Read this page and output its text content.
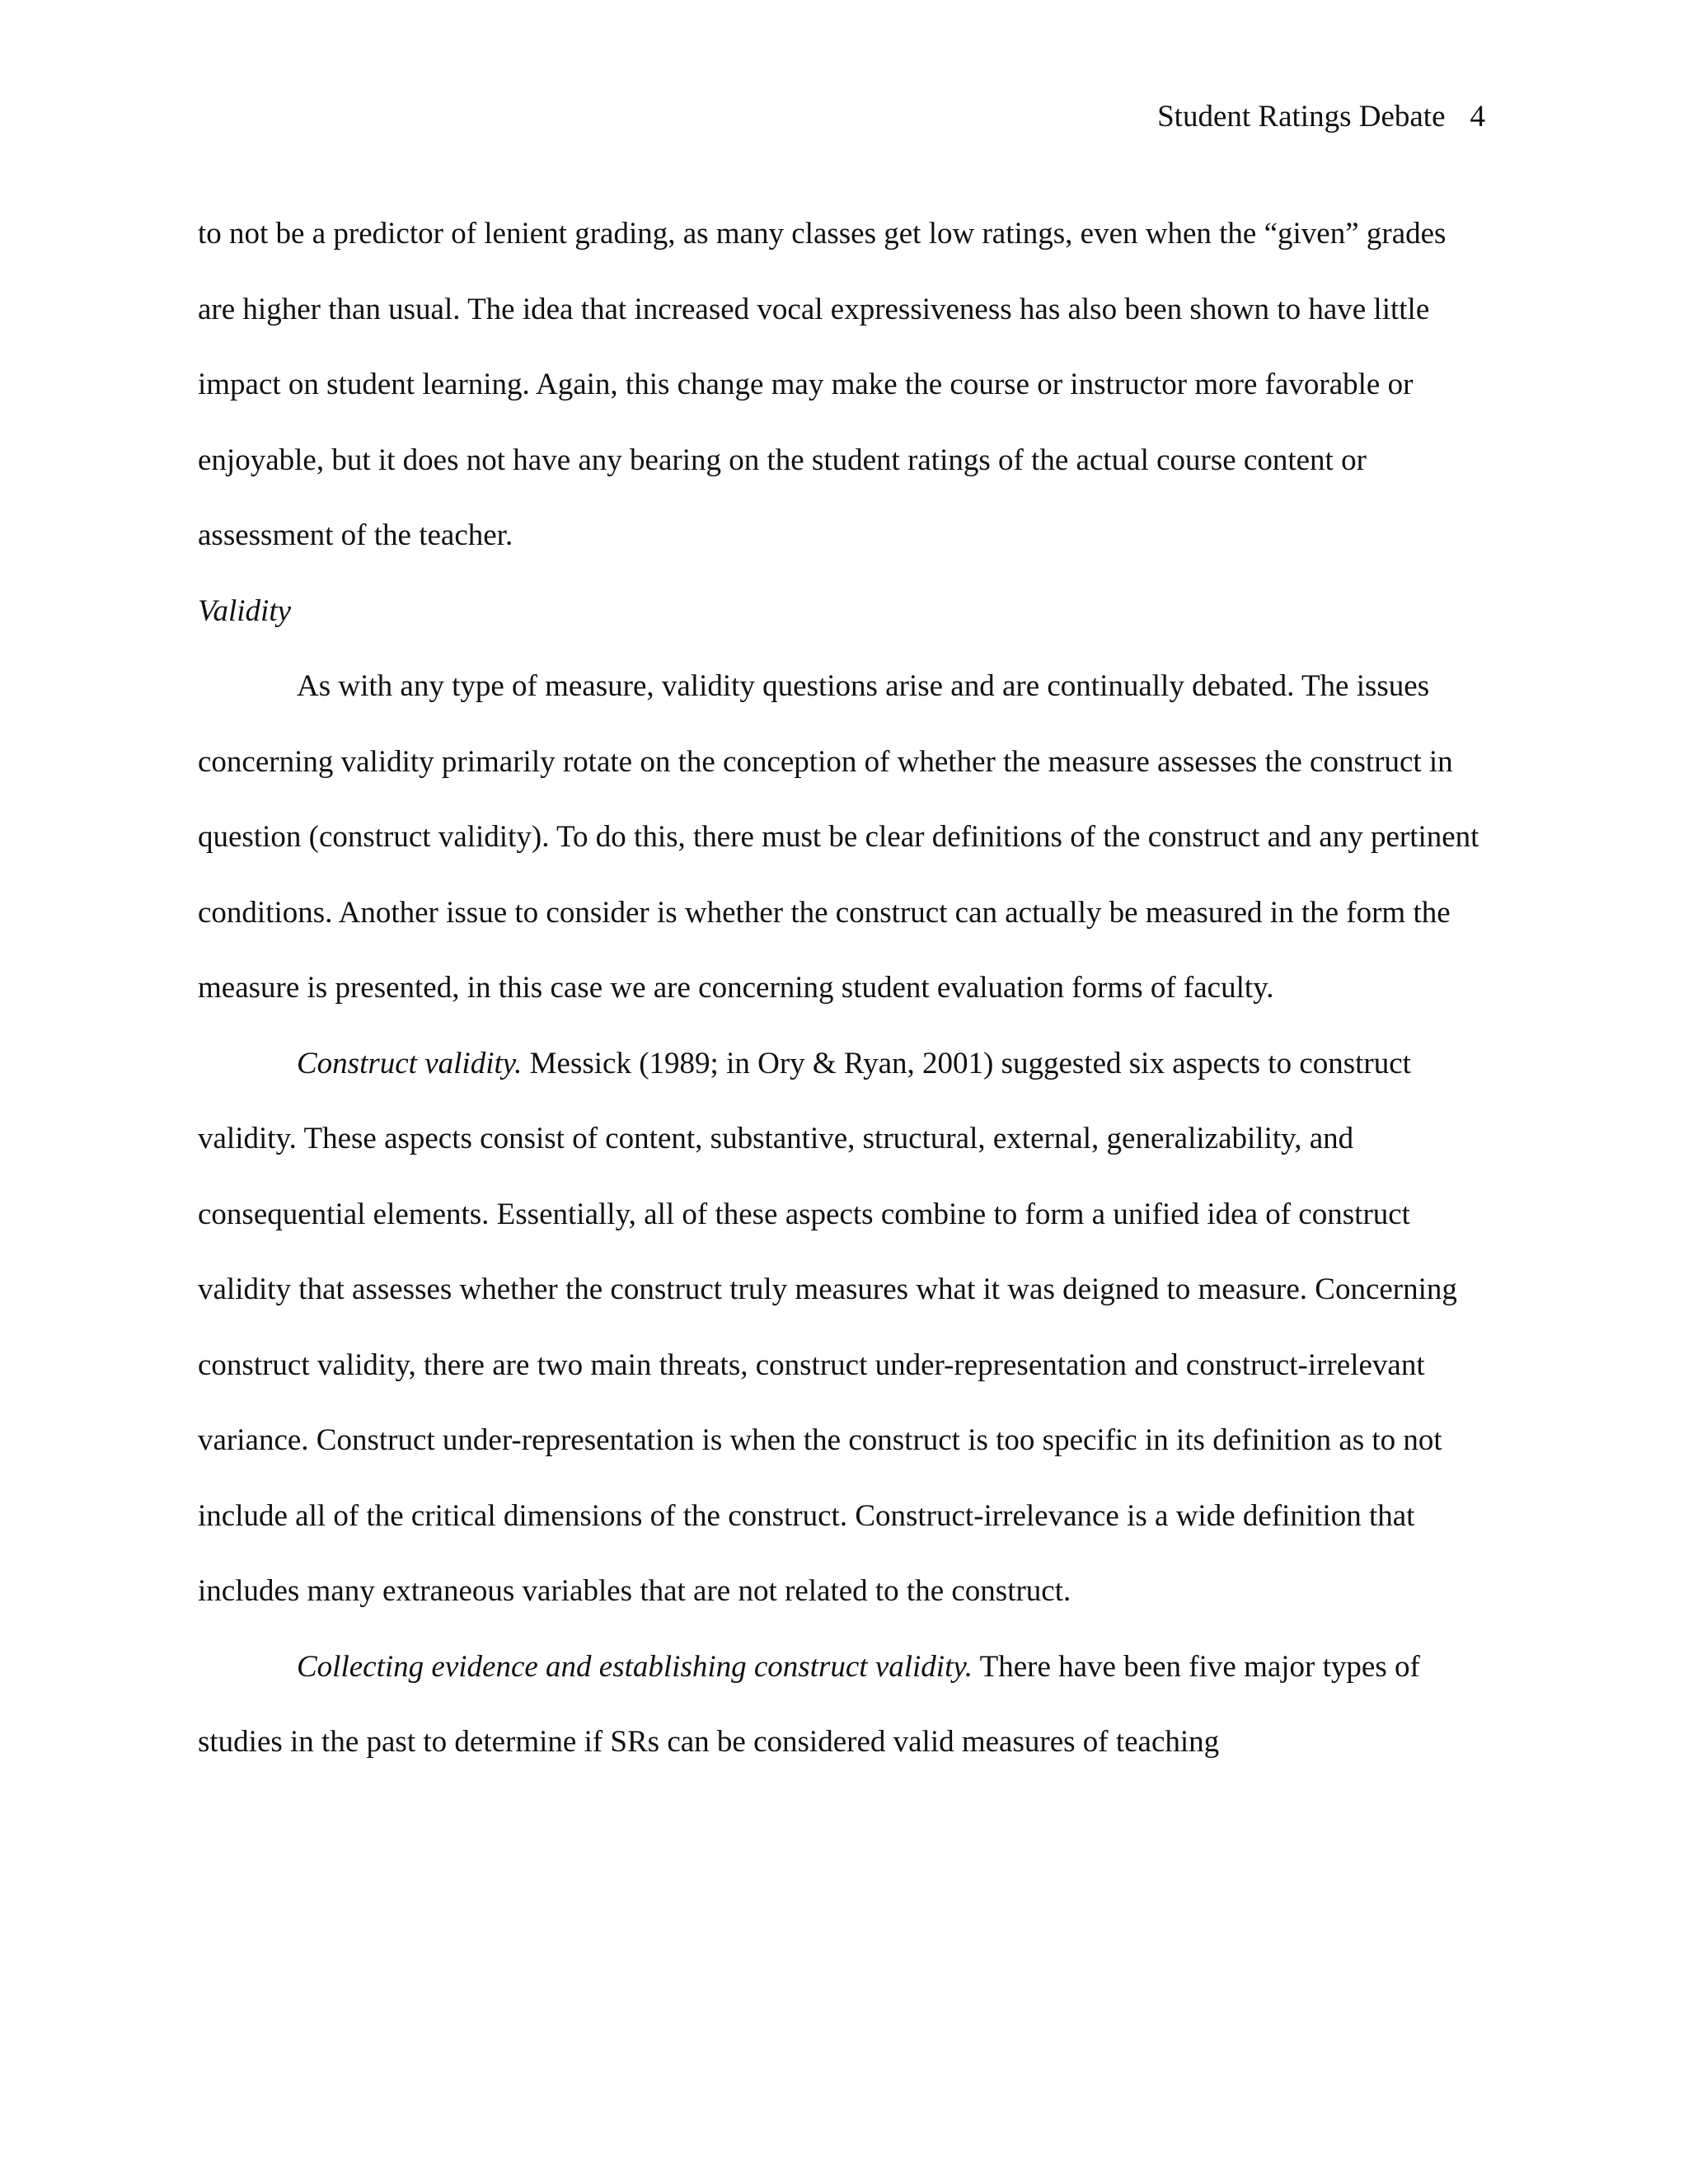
Student Ratings Debate 4

to not be a predictor of lenient grading, as many classes get low ratings, even when the “given” grades are higher than usual. The idea that increased vocal expressiveness has also been shown to have little impact on student learning. Again, this change may make the course or instructor more favorable or enjoyable, but it does not have any bearing on the student ratings of the actual course content or assessment of the teacher.

Validity

As with any type of measure, validity questions arise and are continually debated. The issues concerning validity primarily rotate on the conception of whether the measure assesses the construct in question (construct validity). To do this, there must be clear definitions of the construct and any pertinent conditions. Another issue to consider is whether the construct can actually be measured in the form the measure is presented, in this case we are concerning student evaluation forms of faculty.

Construct validity. Messick (1989; in Ory & Ryan, 2001) suggested six aspects to construct validity. These aspects consist of content, substantive, structural, external, generalizability, and consequential elements. Essentially, all of these aspects combine to form a unified idea of construct validity that assesses whether the construct truly measures what it was deigned to measure. Concerning construct validity, there are two main threats, construct under-representation and construct-irrelevant variance. Construct under-representation is when the construct is too specific in its definition as to not include all of the critical dimensions of the construct. Construct-irrelevance is a wide definition that includes many extraneous variables that are not related to the construct.

Collecting evidence and establishing construct validity. There have been five major types of studies in the past to determine if SRs can be considered valid measures of teaching
